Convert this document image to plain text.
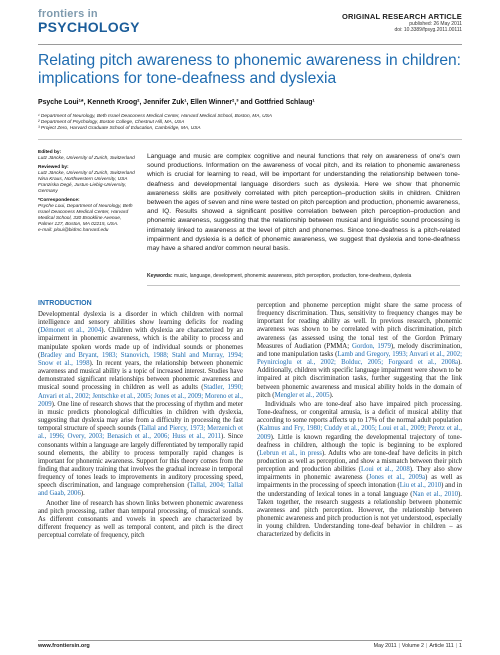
frontiers in
PSYCHOLOGY
ORIGINAL RESEARCH ARTICLE
published: 26 May 2011
doi: 10.3389/fpsyg.2011.00111
Relating pitch awareness to phonemic awareness in children: implications for tone-deafness and dyslexia
Psyche Loui¹*, Kenneth Kroog², Jennifer Zuk¹, Ellen Winner²,³ and Gottfried Schlaug¹
¹ Department of Neurology, Beth Israel Deaconess Medical Center, Harvard Medical School, Boston, MA, USA
² Department of Psychology, Boston College, Chestnut Hill, MA, USA
³ Project Zero, Harvard Graduate School of Education, Cambridge, MA, USA
Edited by:
Lutz Jäncke, University of Zurich, Switzerland
Reviewed by:
Lutz Jäncke, University of Zurich, Switzerland
Nina Kraus, Northwestern University, USA
Franziska Degé, Justus-Liebig-University, Germany
*Correspondence:
Psyche Loui, Department of Neurology, Beth Israel Deaconess Medical Center, Harvard Medical School, 330 Brookline Avenue, Palmer 127, Boston, MA 02215, USA.
e-mail: ploui@bidmc.harvard.edu

Language and music are complex cognitive and neural functions that rely on awareness of one's own sound productions. Information on the awareness of vocal pitch, and its relation to phonemic awareness which is crucial for learning to read, will be important for understanding the relationship between tone-deafness and developmental language disorders such as dyslexia. Here we show that phonemic awareness skills are positively correlated with pitch perception–production skills in children. Children between the ages of seven and nine were tested on pitch perception and production, phonemic awareness, and IQ. Results showed a significant positive correlation between pitch perception–production and phonemic awareness, suggesting that the relationship between musical and linguistic sound processing is intimately linked to awareness at the level of pitch and phonemes. Since tone-deafness is a pitch-related impairment and dyslexia is a deficit of phonemic awareness, we suggest that dyslexia and tone-deafness may have a shared and/or common neural basis.

Keywords: music, language, development, phonemic awareness, pitch perception, production, tone-deafness, dyslexia
INTRODUCTION

Developmental dyslexia is a disorder in which children with normal intelligence and sensory abilities show learning deficits for reading (Démonet et al., 2004). Children with dyslexia are characterized by an impairment in phonemic awareness, which is the ability to process and manipulate spoken words made up of individual sounds or phonemes (Bradley and Bryant, 1983; Stanovich, 1988; Stahl and Murray, 1994; Snow et al., 1998). In recent years, the relationship between phonemic awareness and musical ability is a topic of increased interest. Studies have demonstrated significant relationships between phonemic awareness and musical sound processing in children as well as adults (Stadler, 1990; Anvari et al., 2002; Jentschke et al., 2005; Jones et al., 2009; Moreno et al., 2009). One line of research shows that the processing of rhythm and meter in music predicts phonological difficulties in children with dyslexia, suggesting that dyslexia may arise from a difficulty in processing the fast temporal structure of speech sounds (Tallal and Piercy, 1973; Merzenich et al., 1996; Overy, 2003; Benasich et al., 2006; Huss et al., 2011). Since consonants within a language are largely differentiated by temporally rapid sound elements, the ability to process temporally rapid changes is important for phonemic awareness. Support for this theory comes from the finding that auditory training that involves the gradual increase in temporal frequency of tones leads to improvements in auditory processing speed, speech discrimination, and language comprehension (Tallal, 2004; Tallal and Gaab, 2006).

Another line of research has shown links between phonemic awareness and pitch processing, rather than temporal processing, of musical sounds. As different consonants and vowels in speech are characterized by different frequency as well as temporal content, and pitch is the direct perceptual correlate of frequency, pitch

perception and phoneme perception might share the same process of frequency discrimination. Thus, sensitivity to frequency changes may be important for reading ability as well. In previous research, phonemic awareness was shown to be correlated with pitch discrimination, pitch awareness (as assessed using the tonal test of the Gordon Primary Measures of Audiation (PMMA; Gordon, 1979), melody discrimination, and tone manipulation tasks (Lamb and Gregory, 1993; Anvari et al., 2002; Peynircioglu et al., 2002; Bolduc, 2005; Forgeard et al., 2008a). Additionally, children with specific language impairment were shown to be impaired at pitch discrimination tasks, further suggesting that the link between phonemic awareness and musical ability holds in the domain of pitch (Mengler et al., 2005).

Individuals who are tone-deaf also have impaired pitch processing. Tone-deafness, or congenital amusia, is a deficit of musical ability that according to some reports affects up to 17% of the normal adult population (Kalmus and Fry, 1980; Cuddy et al., 2005; Loui et al., 2009; Peretz et al., 2009). Little is known regarding the developmental trajectory of tone-deafness in children, although the topic is beginning to be explored (Lebrun et al., in press). Adults who are tone-deaf have deficits in pitch production as well as perception, and show a mismatch between their pitch perception and production abilities (Loui et al., 2008). They also show impairments in phonemic awareness (Jones et al., 2009a) as well as impairments in the processing of speech intonation (Liu et al., 2010) and in the understanding of lexical tones in a tonal language (Nan et al., 2010). Taken together, the research suggests a relationship between phonemic awareness and pitch perception. However, the relationship between phonemic awareness and pitch production is not yet understood, especially in young children. Understanding tone-deaf behavior in children – as characterized by deficits in

www.frontiersin.org	May 2011 | Volume 2 | Article 111 | 1
